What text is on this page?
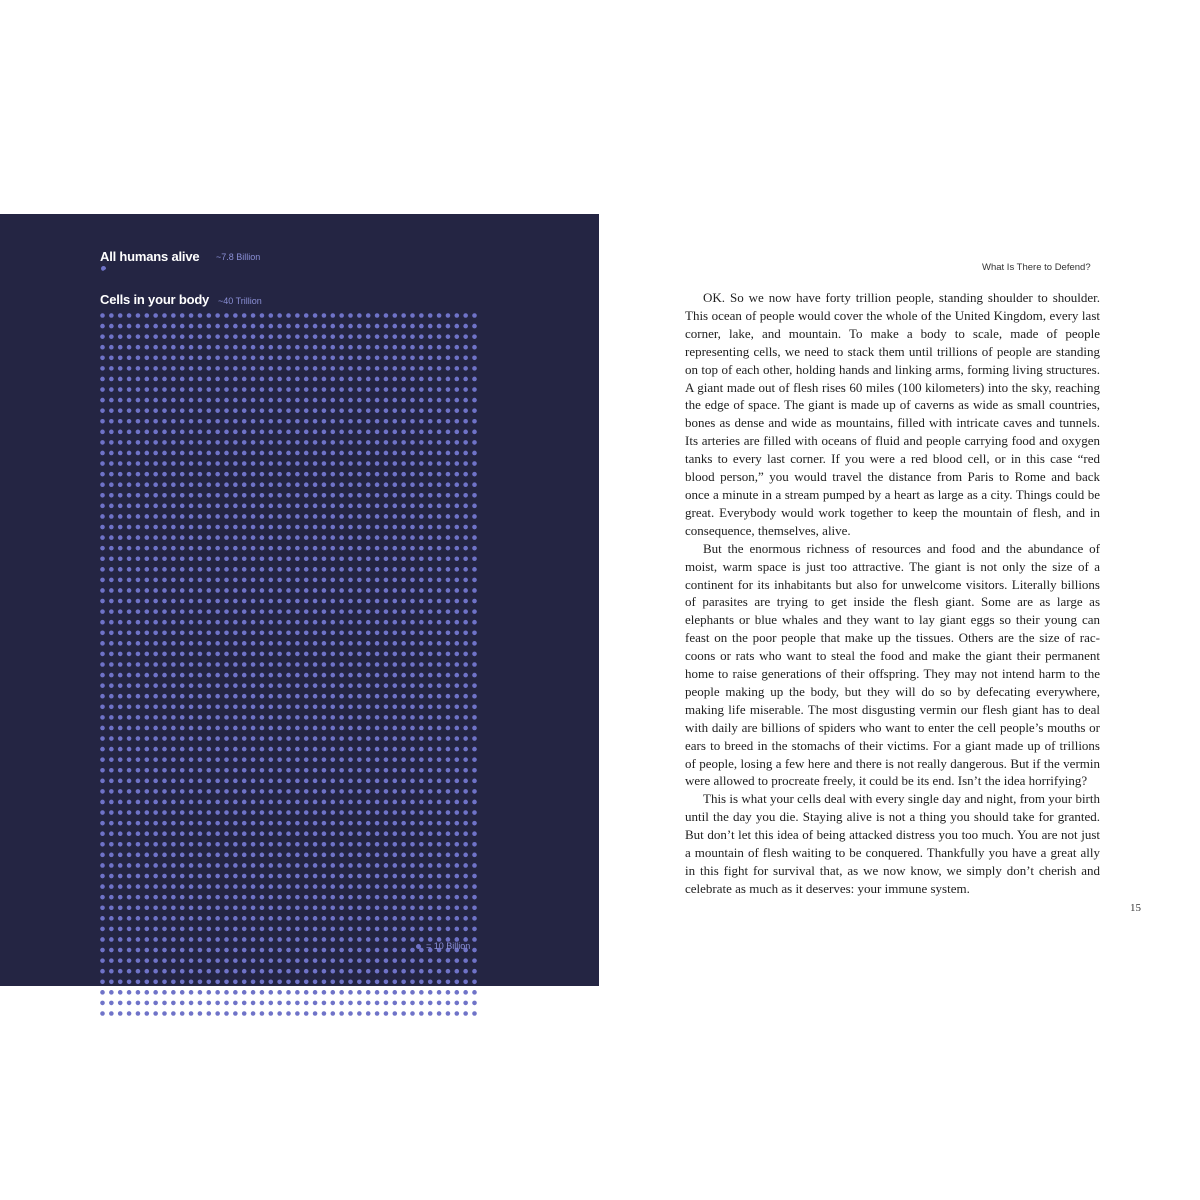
All humans alive ~7.8 Billion
Cells in your body ~40 Trillion
= 10 Billion
What Is There to Defend?

OK. So we now have forty trillion people, standing shoulder to shoulder. This ocean of people would cover the whole of the United Kingdom, every last corner, lake, and mountain. To make a body to scale, made of people representing cells, we need to stack them until trillions of people are standing on top of each other, holding hands and linking arms, forming living structures. A giant made out of flesh rises 60 miles (100 kilometers) into the sky, reaching the edge of space. The giant is made up of caverns as wide as small countries, bones as dense and wide as mountains, filled with intricate caves and tunnels. Its arteries are filled with oceans of fluid and people carrying food and oxygen tanks to every last corner. If you were a red blood cell, or in this case “red blood person,” you would travel the distance from Paris to Rome and back once a minute in a stream pumped by a heart as large as a city. Things could be great. Everybody would work together to keep the mountain of flesh, and in consequence, themselves, alive.

But the enormous richness of resources and food and the abundance of moist, warm space is just too attractive. The giant is not only the size of a continent for its inhabitants but also for unwelcome visitors. Literally billions of parasites are trying to get inside the flesh giant. Some are as large as elephants or blue whales and they want to lay giant eggs so their young can feast on the poor people that make up the tissues. Others are the size of raccoons or rats who want to steal the food and make the giant their permanent home to raise generations of their offspring. They may not intend harm to the people making up the body, but they will do so by defecating everywhere, making life miserable. The most disgusting vermin our flesh giant has to deal with daily are billions of spiders who want to enter the cell people’s mouths or ears to breed in the stomachs of their victims. For a giant made up of trillions of people, losing a few here and there is not really dangerous. But if the vermin were allowed to procreate freely, it could be its end. Isn’t the idea horrifying?

This is what your cells deal with every single day and night, from your birth until the day you die. Staying alive is not a thing you should take for granted. But don’t let this idea of being attacked distress you too much. You are not just a mountain of flesh waiting to be conquered. Thankfully you have a great ally in this fight for survival that, as we now know, we simply don’t cherish and celebrate as much as it deserves: your immune system.

15
